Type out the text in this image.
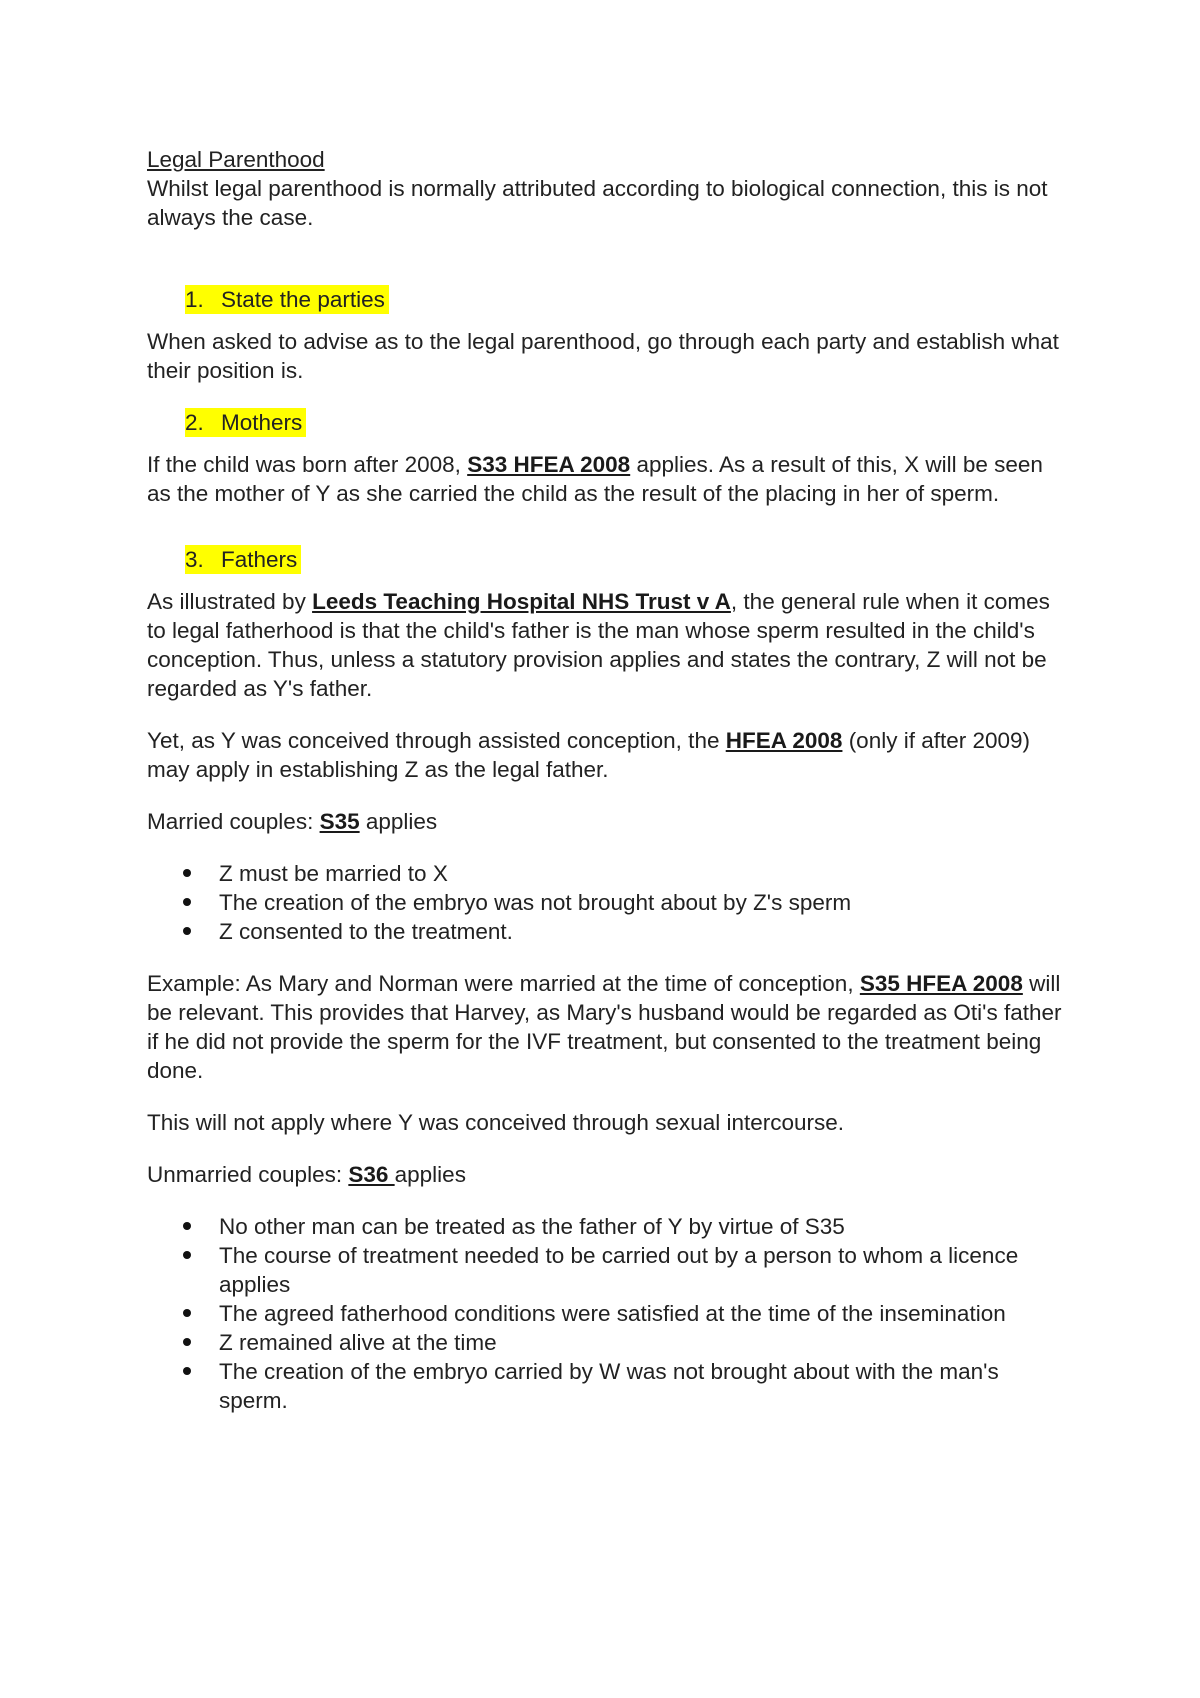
Legal Parenthood

Whilst legal parenthood is normally attributed according to biological connection, this is not always the case.

1. State the parties

When asked to advise as to the legal parenthood, go through each party and establish what their position is.

2. Mothers

If the child was born after 2008, S33 HFEA 2008 applies. As a result of this, X will be seen as the mother of Y as she carried the child as the result of the placing in her of sperm.

3. Fathers

As illustrated by Leeds Teaching Hospital NHS Trust v A, the general rule when it comes to legal fatherhood is that the child's father is the man whose sperm resulted in the child's conception. Thus, unless a statutory provision applies and states the contrary, Z will not be regarded as Y's father.

Yet, as Y was conceived through assisted conception, the HFEA 2008 (only if after 2009) may apply in establishing Z as the legal father.

Married couples: S35 applies

Z must be married to X
The creation of the embryo was not brought about by Z's sperm
Z consented to the treatment.

Example: As Mary and Norman were married at the time of conception, S35 HFEA 2008 will be relevant. This provides that Harvey, as Mary's husband would be regarded as Oti's father if he did not provide the sperm for the IVF treatment, but consented to the treatment being done.

This will not apply where Y was conceived through sexual intercourse.

Unmarried couples: S36 applies

No other man can be treated as the father of Y by virtue of S35
The course of treatment needed to be carried out by a person to whom a licence applies
The agreed fatherhood conditions were satisfied at the time of the insemination
Z remained alive at the time
The creation of the embryo carried by W was not brought about with the man's sperm.
